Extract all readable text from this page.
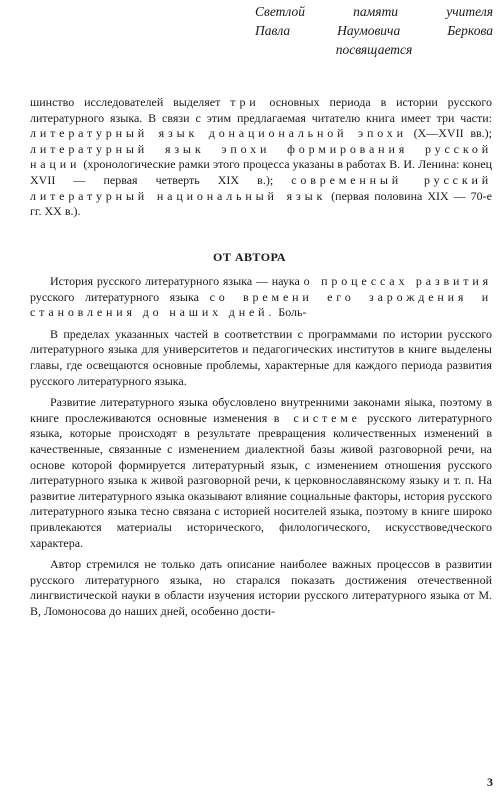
Светлой	памяти	учителя
Павла	Наумовича	Беркова
посвящается

шинство исследователей выделяет три основных периода в истории русского литературного языка. В связи с этим предлагаемая читателю книга имеет три части: литературный язык донациональной эпохи (X—XVII вв.); литературный язык эпохи формирования русской нации (хронологические рамки этого процесса указаны в работах В. И. Ленина: конец XVII — первая четверть XIX в.); современный русский литературный национальный язык (первая половина XIX — 70-е гг. XX в.).

ОТ АВТОРА

История русского литературного языка — наука о процессах развития русского литературного языка со времени его зарождения и становления до наших дней. Боль-

В пределах указанных частей в соответствии с программами по истории русского литературного языка для университетов и педагогических институтов в книге выделены главы, где освещаются основные проблемы, характерные для каждого периода развития русского литературного языка.

Развитие литературного языка обусловлено внутренними законами яіыка, поэтому в книге прослеживаются основные изменения в системе русского литературного языка, которые происходят в результате превращения количественных изменений в качественные, связанные с изменением диалектной базы живой разговорной речи, на основе которой формируется литературный язык, с изменением отношения русского литературного языка к живой разговорной речи, к церковнославянскому языку и т. п. На развитие литературного языка оказывают влияние социальные факторы, история русского литературного языка тесно связана с историей носителей языка, поэтому в книге широко привлекаются материалы исторического, филологического, искусствоведческого характера.

Автор стремился не только дать описание наиболее важных процессов в развитии русского литературного языка, но старался показать достижения отечественной лингвистической науки в области изучения истории русского литературного языка от М. В, Ломоносова до наших дней, особенно дости-

3
